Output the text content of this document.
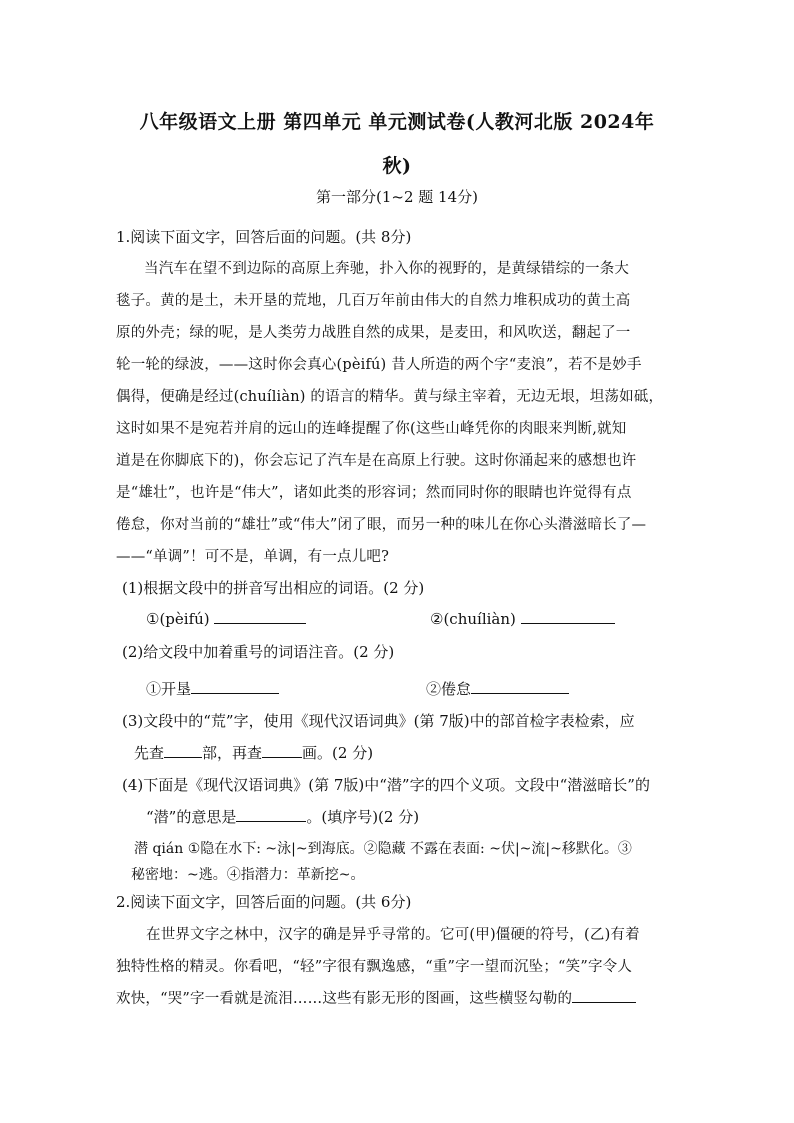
八年级语文上册 第四单元 单元测试卷(人教河北版 2024年
秋)
第一部分(1~2 题 14分)
1.阅读下面文字，回答后面的问题。(共 8分)
当汽车在望不到边际的高原上奔驰，扑入你的视野的，是黄绿错综的一条大
毯子。黄的是土，未开垦的荒地，几百万年前由伟大的自然力堆积成功的黄土高
原的外壳；绿的呢，是人类劳力战胜自然的成果，是麦田，和风吹送，翻起了一
轮一轮的绿波，——这时你会真心(pèifú) 昔人所造的两个字“麦浪”，若不是妙手
偶得，便确是经过(chuíliàn) 的语言的精华。黄与绿主宰着，无边无垠，坦荡如砥，
这时如果不是宛若并肩的远山的连峰提醒了你(这些山峰凭你的肉眼来判断,就知
道是在你脚底下的)，你会忘记了汽车是在高原上行驶。这时你涌起来的感想也许
是“雄壮”，也许是“伟大”，诸如此类的形容词；然而同时你的眼睛也许觉得有点
倦怠，你对当前的“雄壮”或“伟大”闭了眼，而另一种的味儿在你心头潜滋暗长了—
——“单调”！可不是，单调，有一点儿吧?
(1)根据文段中的拼音写出相应的词语。(2 分)
①(pèifú)	②(chuíliàn)
(2)给文段中加着重号的词语注音。(2 分)
①开垦	②倦怠
(3)文段中的“荒”字，使用《现代汉语词典》(第 7版)中的部首检字表检索，应
先查	部，再查	画。(2 分)
(4)下面是《现代汉语词典》(第 7版)中“潜”字的四个义项。文段中“潜滋暗长”的
“潜”的意思是	。(填序号)(2 分)
潜 qián ①隐在水下: ~泳|~到海底。②隐藏 不露在表面: ~伏|~流|~移默化。③
秘密地：~逃。④指潜力：革新挖~。
2.阅读下面文字，回答后面的问题。(共 6分)
在世界文字之林中，汉字的确是异乎寻常的。它可(甲)僵硬的符号，(乙)有着
独特性格的精灵。你看吧，“轻”字很有飘逸感，“重”字一望而沉坠；“笑”字令人
欢快，“哭”字一看就是流泪……这些有影无形的图画，这些横竖勾勒的
